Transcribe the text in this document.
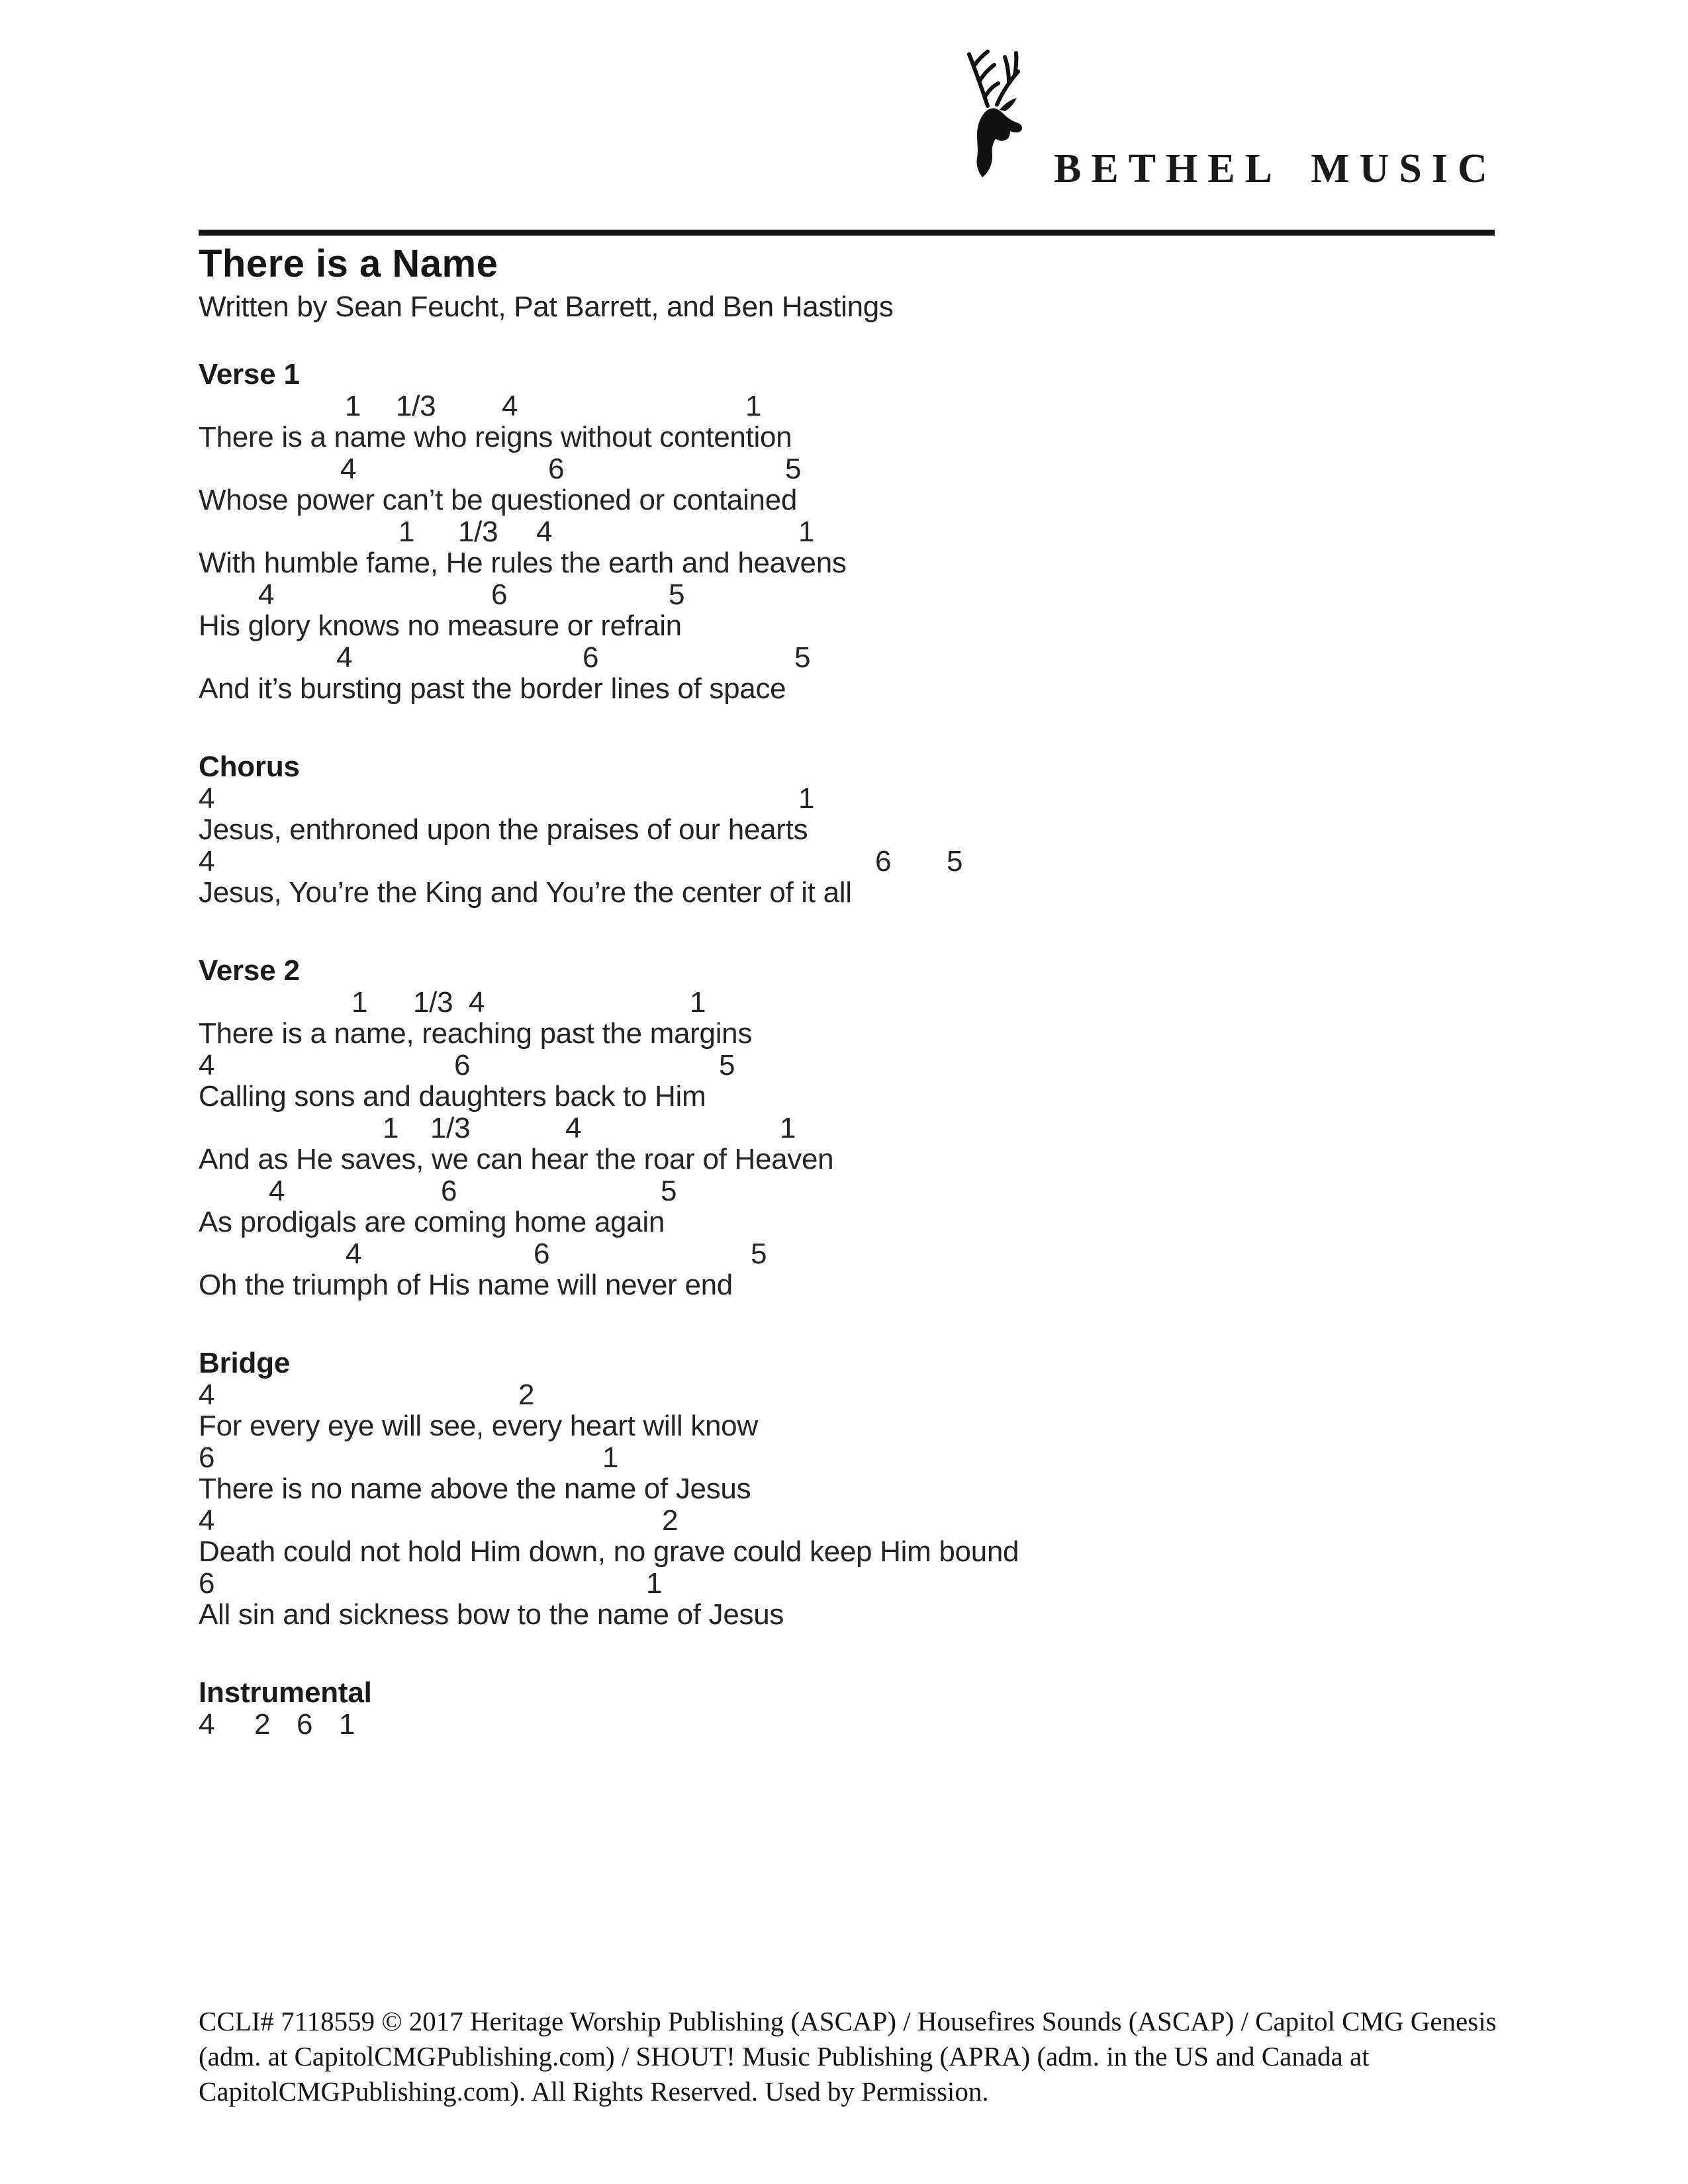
BETHEL MUSIC
There is a Name
Written by Sean Feucht, Pat Barrett, and Ben Hastings
Verse 1
1 1/3 4	1
There is a name who reigns without contention
4	6	5
Whose power can’t be questioned or contained
1 1/3 4	1
With humble fame, He rules the earth and heavens
4	6	5
His glory knows no measure or refrain
4	6	5
And it’s bursting past the border lines of space
Chorus
4	1
Jesus, enthroned upon the praises of our hearts
4	6 5
Jesus, You’re the King and You’re the center of it all
Verse 2
1 1/3 4	1
There is a name, reaching past the margins
4	6	5
Calling sons and daughters back to Him
1 1/3	4	1
And as He saves, we can hear the roar of Heaven
4	6	5
As prodigals are coming home again
4	6	5
Oh the triumph of His name will never end
Bridge
4	2
For every eye will see, every heart will know
6	1
There is no name above the name of Jesus
4	2
Death could not hold Him down, no grave could keep Him bound
6	1
All sin and sickness bow to the name of Jesus
Instrumental
4 2 6 1
CCLI# 7118559 © 2017 Heritage Worship Publishing (ASCAP) / Housefires Sounds (ASCAP) / Capitol CMG Genesis
(adm. at CapitolCMGPublishing.com) / SHOUT! Music Publishing (APRA) (adm. in the US and Canada at
CapitolCMGPublishing.com). All Rights Reserved. Used by Permission.
